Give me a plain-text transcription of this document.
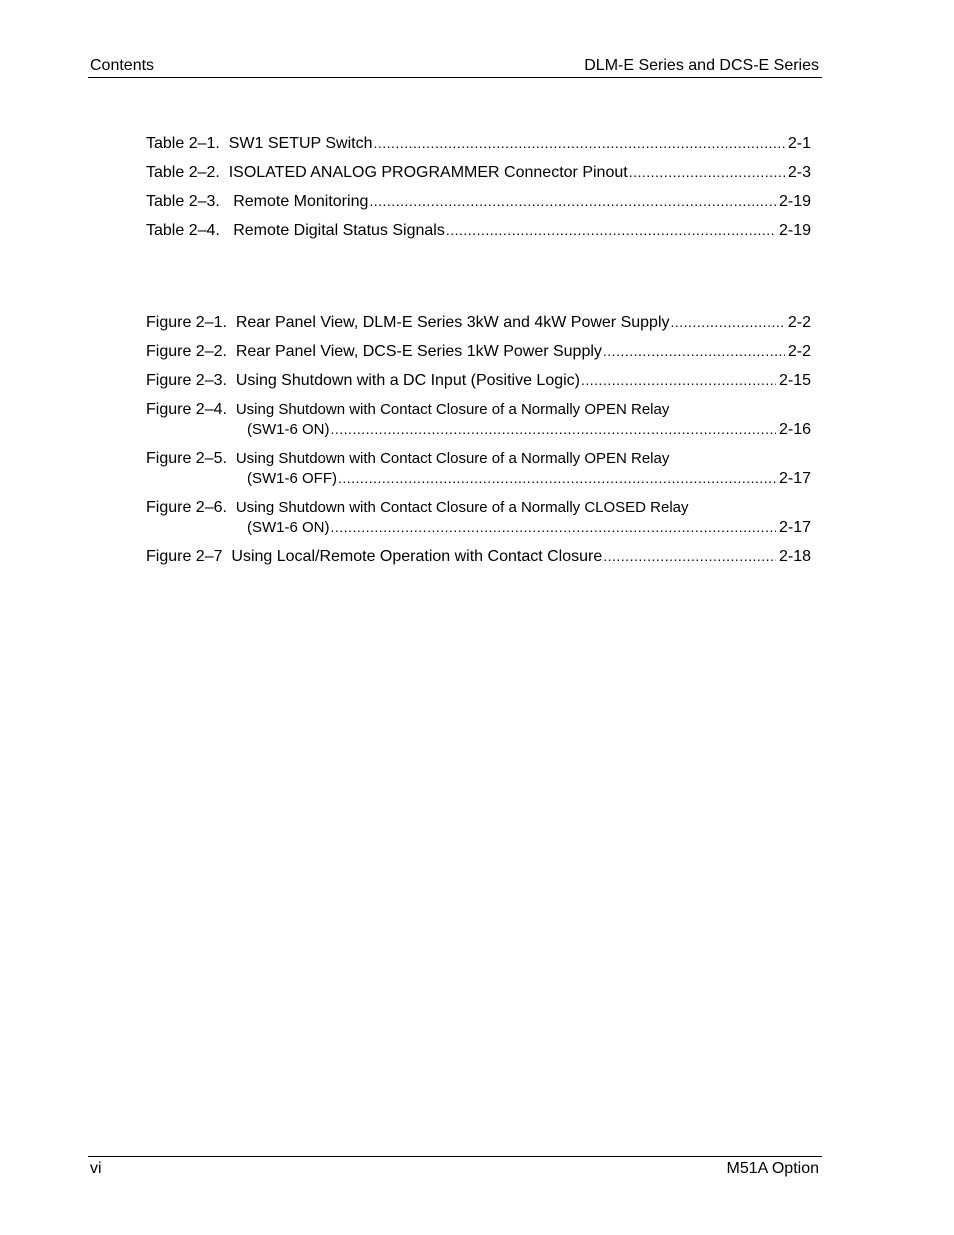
Contents	DLM-E Series and DCS-E Series
Table 2–1. SW1 SETUP Switch .....	2-1
Table 2–2. ISOLATED ANALOG PROGRAMMER Connector Pinout .....	2-3
Table 2–3. Remote Monitoring .....	2-19
Table 2–4. Remote Digital Status Signals .....	2-19
Figure 2–1. Rear Panel View, DLM-E Series 3kW and 4kW Power Supply .....	2-2
Figure 2–2. Rear Panel View, DCS-E Series 1kW Power Supply .....	2-2
Figure 2–3. Using Shutdown with a DC Input (Positive Logic) .....	2-15
Figure 2–4. Using Shutdown with Contact Closure of a Normally OPEN Relay
(SW1-6 ON) .....	2-16
Figure 2–5. Using Shutdown with Contact Closure of a Normally OPEN Relay
(SW1-6 OFF) .....	2-17
Figure 2–6. Using Shutdown with Contact Closure of a Normally CLOSED Relay
(SW1-6 ON) .....	2-17
Figure 2–7 Using Local/Remote Operation with Contact Closure .....	2-18
vi	M51A Option
